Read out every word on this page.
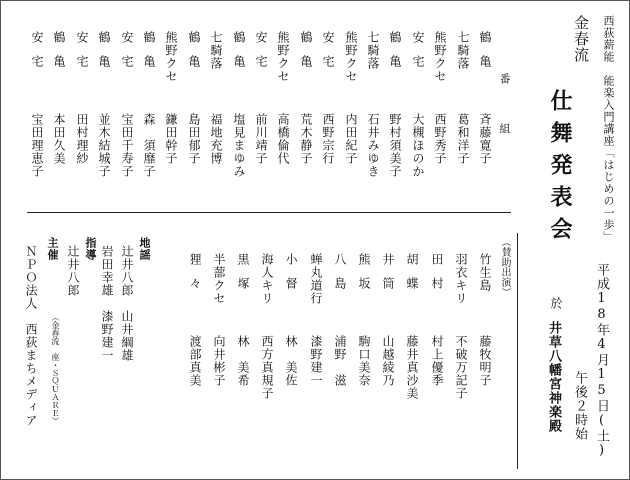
西荻薪能　能楽入門講座「はじめの一歩」
金春流
仕舞発表会
平成18年4月15日(土)
午後２時始
於
井草八幡宮神楽殿
番　組
鶴亀
斉藤寛子
七騎落
葛和洋子
熊野クセ
西野秀子
安宅
大槻ほのか
鶴亀
野村須美子
七騎落
石井みゆき
熊野クセ
内田紀子
安宅
西野宗行
鶴亀
荒木静子
熊野クセ
高橋倫代
安宅
前川靖子
鶴亀
塩見まゆみ
七騎落
福地充博
鶴亀
島田郁子
熊野クセ
鎌田幹子
鶴亀
森　須靡子
安宅
宝田千寿子
鶴亀
並木結城子
安宅
田村理紗
鶴亀
本田久美
安宅
宝田理恵子
（賛助出演）
竹生島
藤牧明子
羽衣キリ
不破万記子
田村
村上優季
胡蝶
藤井真沙美
井筒
山越綾乃
熊坂
駒口美奈
八島
浦野　滋
蝉丸道行
漆野建一
小督
林　美佐
海人キリ
西方真規子
黒塚
林　美希
半蔀クセ
向井彬子
狸々
渡部真美
地謡
辻井八郎　山井綱雄
岩田幸雄　漆野建一
指導
辻井八郎
（金春流　座・ＳＱＵＡＲＥ）
主催
ＮＰＯ法人　西荻まちメディア
